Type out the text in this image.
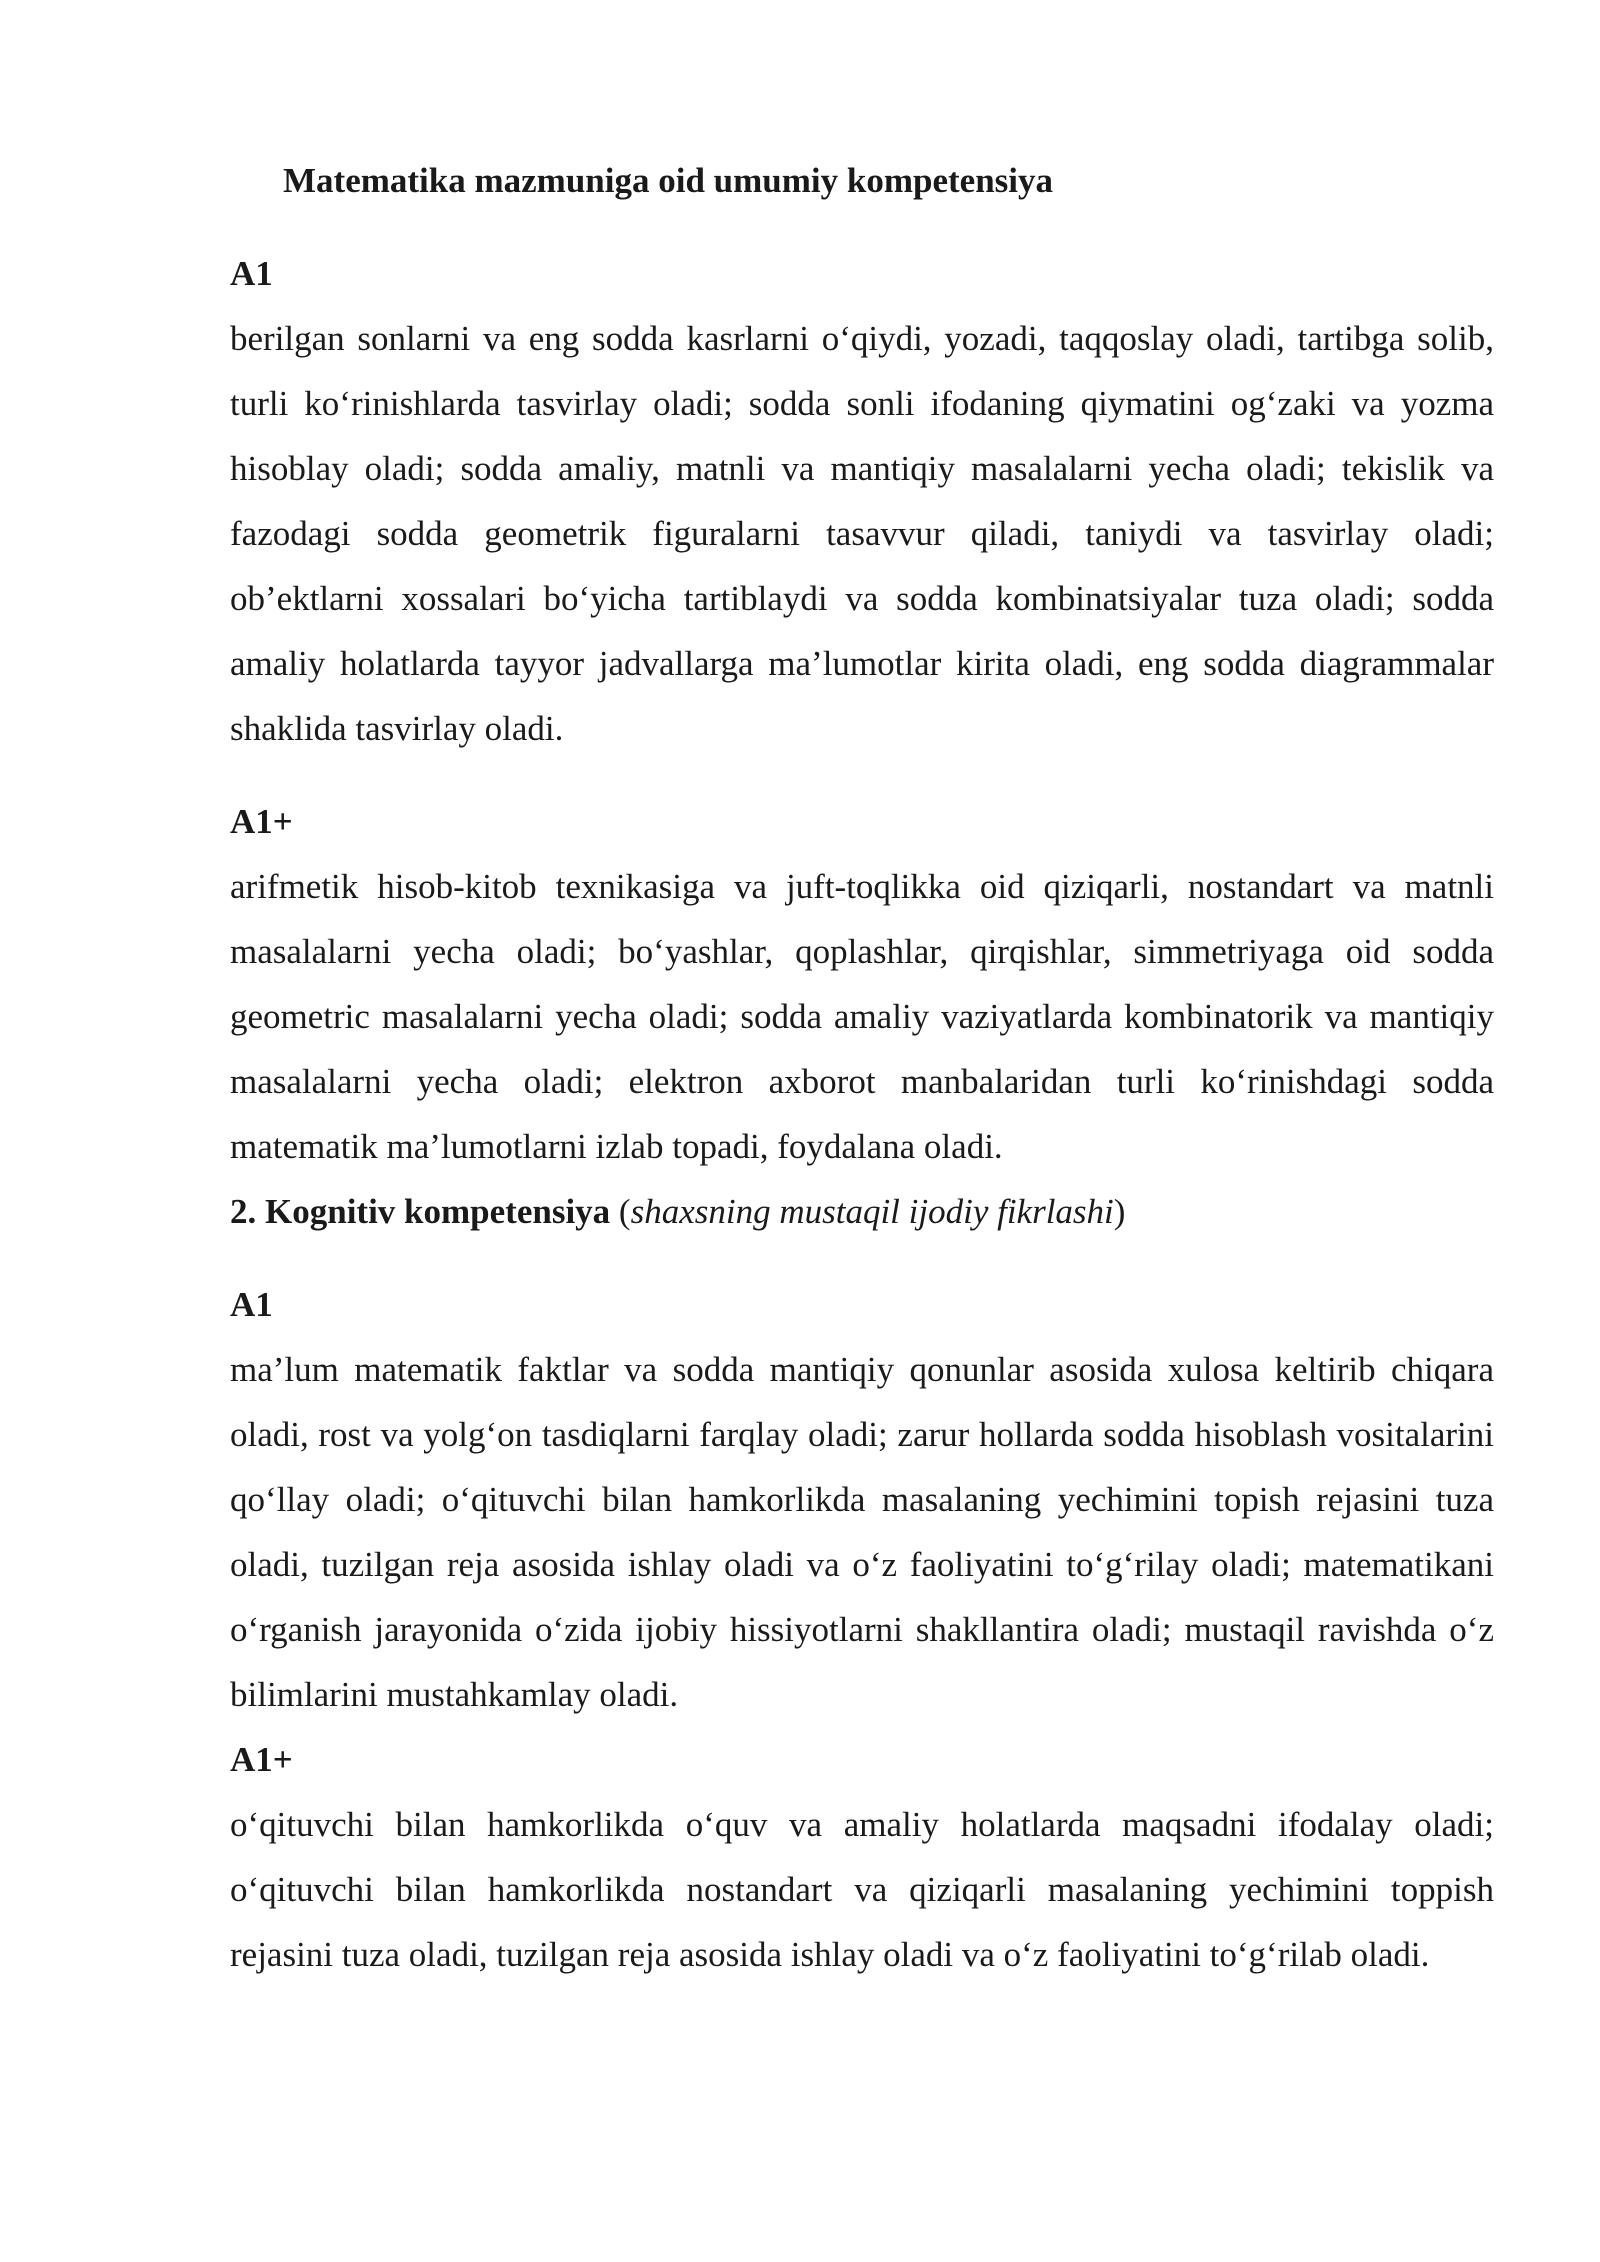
Matematika mazmuniga oid umumiy kompetensiya

A1

berilgan sonlarni va eng sodda kasrlarni o‘qiydi, yozadi, taqqoslay oladi, tartibga solib, turli ko‘rinishlarda tasvirlay oladi; sodda sonli ifodaning qiymatini og‘zaki va yozma hisoblay oladi; sodda amaliy, matnli va mantiqiy masalalarni yecha oladi; tekislik va fazodagi sodda geometrik figuralarni tasavvur qiladi, taniydi va tasvirlay oladi; ob’ektlarni xossalari bo‘yicha tartiblaydi va sodda kombinatsiyalar tuza oladi; sodda amaliy holatlarda tayyor jadvallarga ma’lumotlar kirita oladi, eng sodda diagrammalar shaklida tasvirlay oladi.

A1+

arifmetik hisob-kitob texnikasiga va juft-toqlikka oid qiziqarli, nostandart va matnli masalalarni yecha oladi; bo‘yashlar, qoplashlar, qirqishlar, simmetriyaga oid sodda geometric masalalarni yecha oladi; sodda amaliy vaziyatlarda kombinatorik va mantiqiy masalalarni yecha oladi; elektron axborot manbalaridan turli ko‘rinishdagi sodda matematik ma’lumotlarni izlab topadi, foydalana oladi.

2. Kognitiv kompetensiya (shaxsning mustaqil ijodiy fikrlashi)

A1

ma’lum matematik faktlar va sodda mantiqiy qonunlar asosida xulosa keltirib chiqara oladi, rost va yolg‘on tasdiqlarni farqlay oladi; zarur hollarda sodda hisoblash vositalarini qo‘llay oladi; o‘qituvchi bilan hamkorlikda masalaning yechimini topish rejasini tuza oladi, tuzilgan reja asosida ishlay oladi va o‘z faoliyatini to‘g‘rilay oladi; matematikani o‘rganish jarayonida o‘zida ijobiy hissiyotlarni shakllantira oladi; mustaqil ravishda o‘z bilimlarini mustahkamlay oladi.

A1+

o‘qituvchi bilan hamkorlikda o‘quv va amaliy holatlarda maqsadni ifodalay oladi; o‘qituvchi bilan hamkorlikda nostandart va qiziqarli masalaning yechimini toppish rejasini tuza oladi, tuzilgan reja asosida ishlay oladi va o‘z faoliyatini to‘g‘rilab oladi.
